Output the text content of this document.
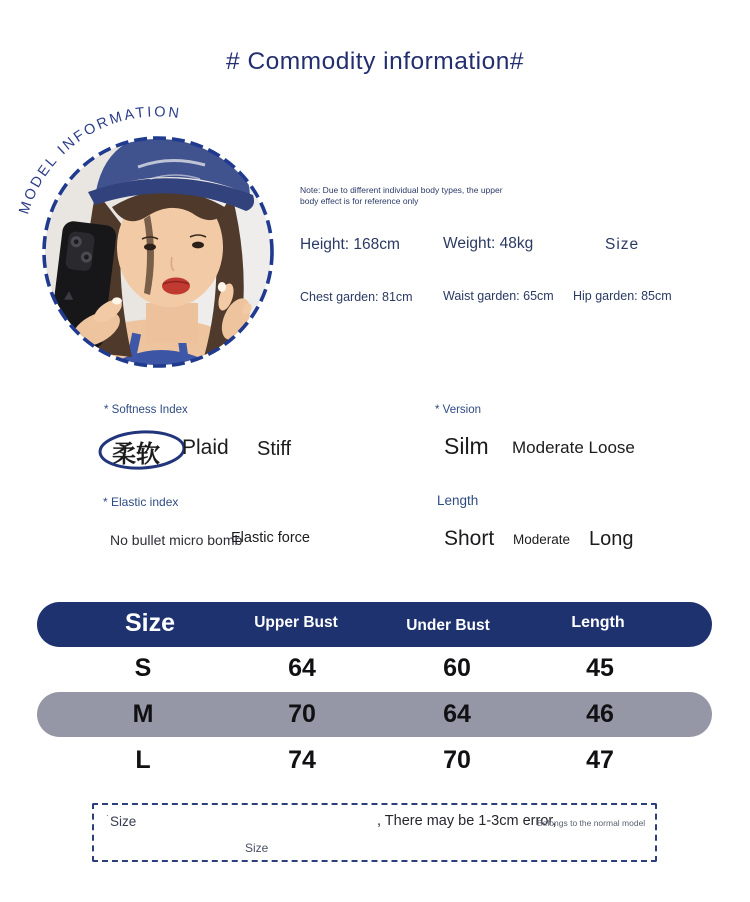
# Commodity information#
MODEL INFORMATION
Note: Due to different individual body types, the upper body effect is for reference only
Height: 168cm	Weight: 48kg	Size
Chest garden: 81cm Waist garden: 65cm Hip garden: 85cm
* Softness Index
柔软 Plaid Stiff
* Version
Silm Moderate Loose
* Elastic index
No bullet micro bomb
Elastic force
Length
Short Moderate Long
Size	Upper Bust	Under Bust	Length
S	64	60	45
M	70	64	46
L	74	70	47
· Size	, There may be 1-3cm error,
Belongs to the normal model
Size
